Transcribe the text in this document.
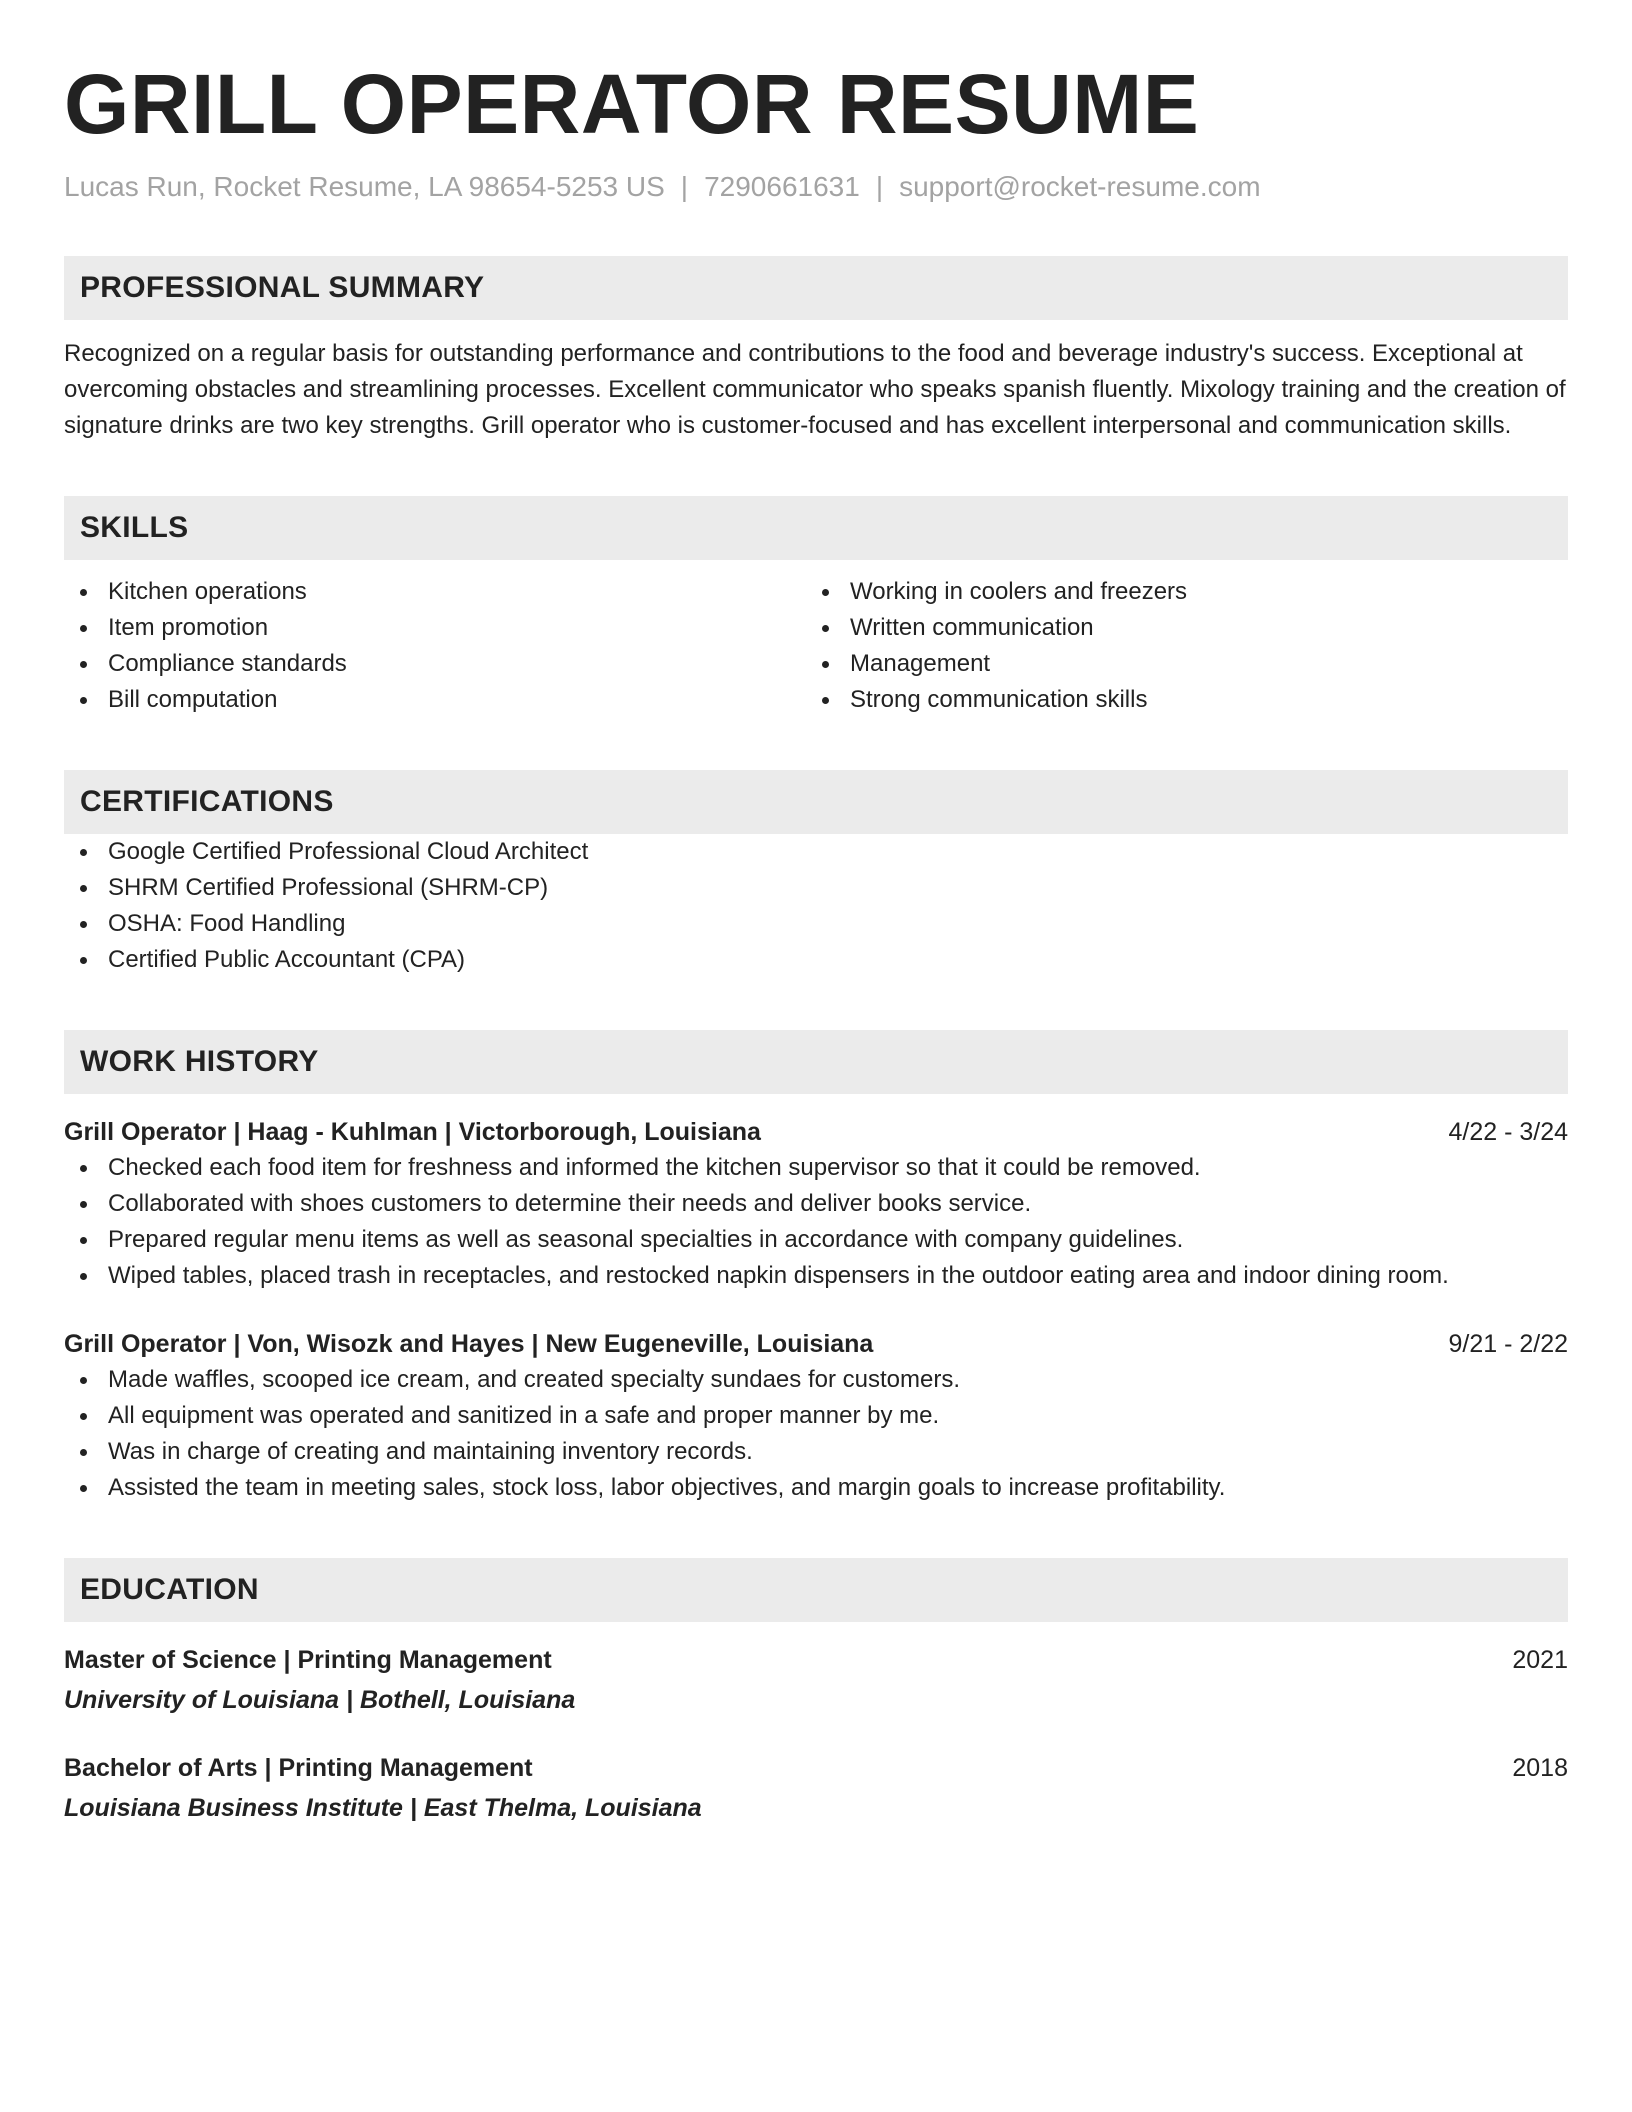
GRILL OPERATOR RESUME
Lucas Run, Rocket Resume, LA 98654-5253 US | 7290661631 | support@rocket-resume.com
PROFESSIONAL SUMMARY
Recognized on a regular basis for outstanding performance and contributions to the food and beverage industry's success. Exceptional at overcoming obstacles and streamlining processes. Excellent communicator who speaks spanish fluently. Mixology training and the creation of signature drinks are two key strengths. Grill operator who is customer-focused and has excellent interpersonal and communication skills.
SKILLS
Kitchen operations
Item promotion
Compliance standards
Bill computation
Working in coolers and freezers
Written communication
Management
Strong communication skills
CERTIFICATIONS
Google Certified Professional Cloud Architect
SHRM Certified Professional (SHRM-CP)
OSHA: Food Handling
Certified Public Accountant (CPA)
WORK HISTORY
Grill Operator | Haag - Kuhlman | Victorborough, Louisiana	4/22 - 3/24
Checked each food item for freshness and informed the kitchen supervisor so that it could be removed.
Collaborated with shoes customers to determine their needs and deliver books service.
Prepared regular menu items as well as seasonal specialties in accordance with company guidelines.
Wiped tables, placed trash in receptacles, and restocked napkin dispensers in the outdoor eating area and indoor dining room.
Grill Operator | Von, Wisozk and Hayes | New Eugeneville, Louisiana	9/21 - 2/22
Made waffles, scooped ice cream, and created specialty sundaes for customers.
All equipment was operated and sanitized in a safe and proper manner by me.
Was in charge of creating and maintaining inventory records.
Assisted the team in meeting sales, stock loss, labor objectives, and margin goals to increase profitability.
EDUCATION
Master of Science | Printing Management	2021
University of Louisiana | Bothell, Louisiana
Bachelor of Arts | Printing Management	2018
Louisiana Business Institute | East Thelma, Louisiana
